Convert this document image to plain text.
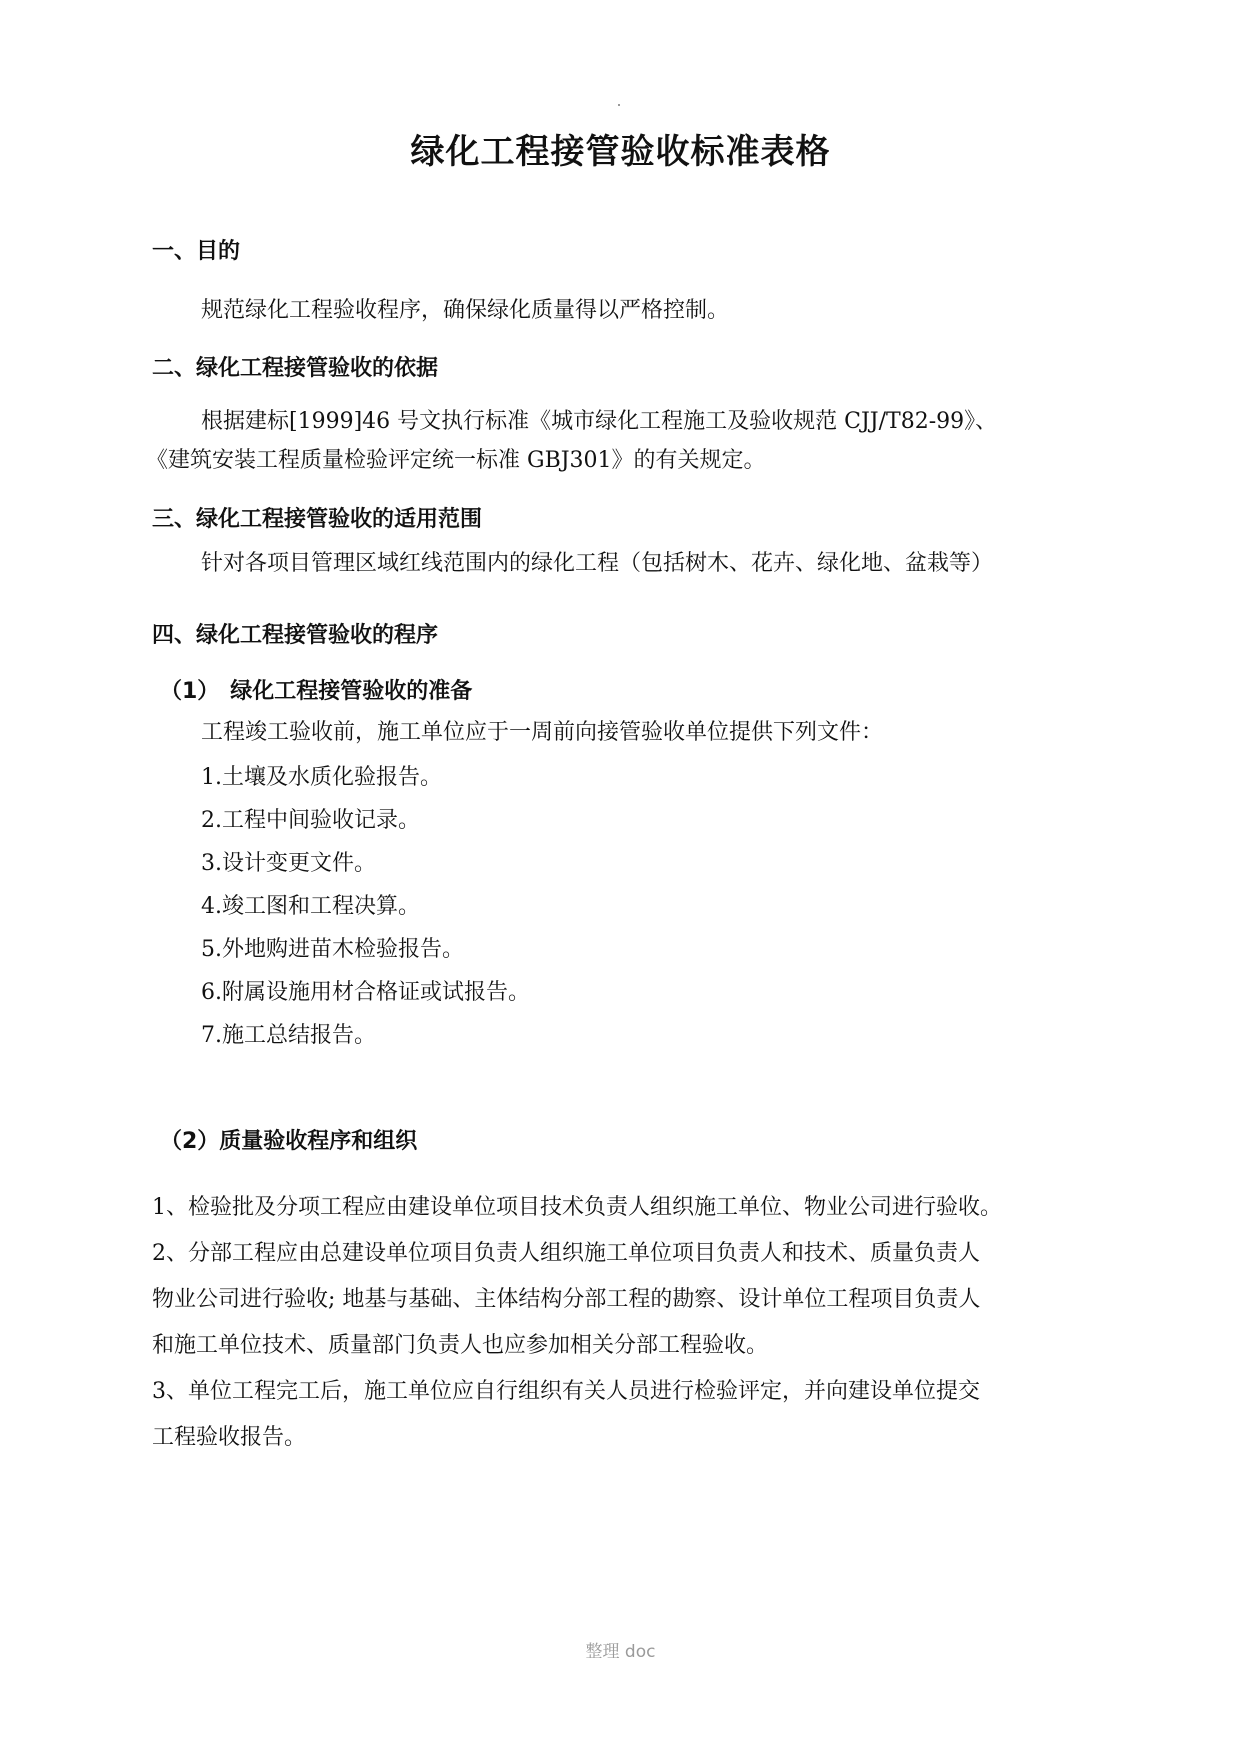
绿化工程接管验收标准表格
一、目的
规范绿化工程验收程序，确保绿化质量得以严格控制。
二、绿化工程接管验收的依据
根据建标[1999]46 号文执行标准《城市绿化工程施工及验收规范 CJJ/T82-99》、
《建筑安装工程质量检验评定统一标准 GBJ301》的有关规定。
三、绿化工程接管验收的适用范围
针对各项目管理区域红线范围内的绿化工程（包括树木、花卉、绿化地、盆栽等）
四、绿化工程接管验收的程序
（1）　绿化工程接管验收的准备
工程竣工验收前，施工单位应于一周前向接管验收单位提供下列文件：
1.土壤及水质化验报告。
2.工程中间验收记录。
3.设计变更文件。
4.竣工图和工程决算。
5.外地购进苗木检验报告。
6.附属设施用材合格证或试报告。
7.施工总结报告。
（2）质量验收程序和组织
1、检验批及分项工程应由建设单位项目技术负责人组织施工单位、物业公司进行验收。
2、分部工程应由总建设单位项目负责人组织施工单位项目负责人和技术、质量负责人
物业公司进行验收; 地基与基础、主体结构分部工程的勘察、设计单位工程项目负责人
和施工单位技术、质量部门负责人也应参加相关分部工程验收。
3、单位工程完工后，施工单位应自行组织有关人员进行检验评定，并向建设单位提交
工程验收报告。
整理 doc
